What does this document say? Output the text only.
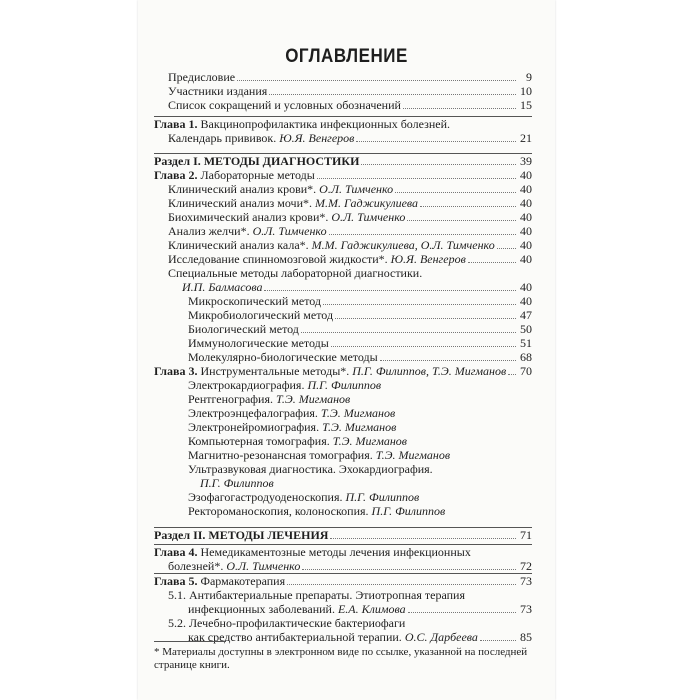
ОГЛАВЛЕНИЕ
Предисловие	9
Участники издания	10
Список сокращений и условных обозначений	15
Глава 1. Вакцинопрофилактика инфекционных болезней.
Календарь прививок. Ю.Я. Венгеров	21
Раздел I. МЕТОДЫ ДИАГНОСТИКИ	39
Глава 2. Лабораторные методы	40
Клинический анализ крови*. О.Л. Тимченко	40
Клинический анализ мочи*. М.М. Гаджикулиева	40
Биохимический анализ крови*. О.Л. Тимченко	40
Анализ желчи*. О.Л. Тимченко	40
Клинический анализ кала*. М.М. Гаджикулиева, О.Л. Тимченко 40
Исследование спинномозговой жидкости*. Ю.Я. Венгеров	40
Специальные методы лабораторной диагностики.
И.П. Балмасова	40
Микроскопический метод	40
Микробиологический метод	47
Биологический метод	50
Иммунологические методы	51
Молекулярно-биологические методы	68
Глава 3. Инструментальные методы*. П.Г. Филиппов, Т.Э. Мигманов 70
Электрокардиография. П.Г. Филиппов
Рентгенография. Т.Э. Мигманов
Электроэнцефалография. Т.Э. Мигманов
Электронейромиография. Т.Э. Мигманов
Компьютерная томография. Т.Э. Мигманов
Магнитно-резонансная томография. Т.Э. Мигманов
Ультразвуковая диагностика. Эхокардиография.
П.Г. Филиппов
Эзофагогастродуоденоскопия. П.Г. Филиппов
Ректороманоскопия, колоноскопия. П.Г. Филиппов
Раздел II. МЕТОДЫ ЛЕЧЕНИЯ	71
Глава 4. Немедикаментозные методы лечения инфекционных
болезней*. О.Л. Тимченко	72
Глава 5. Фармакотерапия	73
5.1. Антибактериальные препараты. Этиотропная терапия
инфекционных заболеваний. Е.А. Климова	73
5.2. Лечебно-профилактические бактериофаги
как средство антибактериальной терапии. О.С. Дарбеева	85
* Материалы доступны в электронном виде по ссылке, указанной на последней странице книги.
